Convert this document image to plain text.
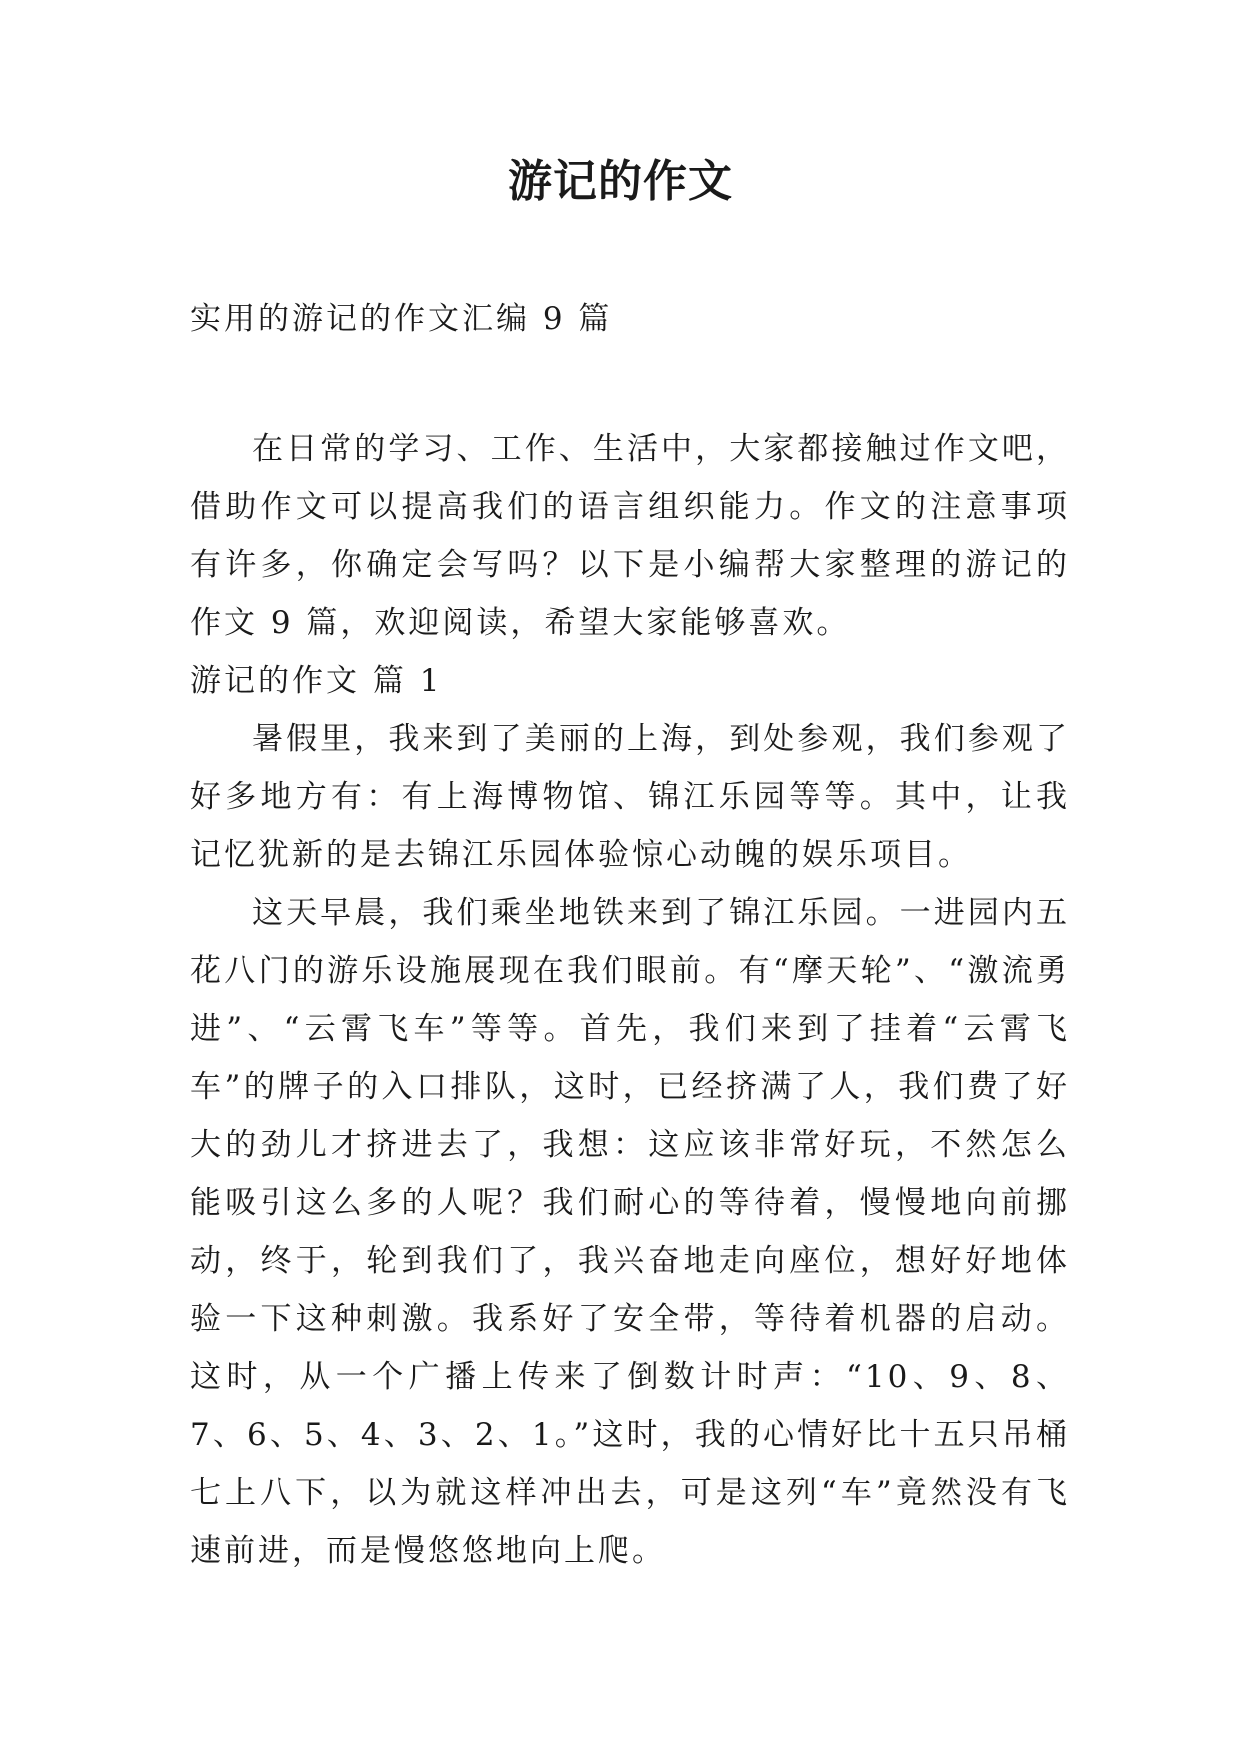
游记的作文

实用的游记的作文汇编 9 篇

在日常的学习、工作、生活中，大家都接触过作文吧，借助作文可以提高我们的语言组织能力。作文的注意事项有许多，你确定会写吗？以下是小编帮大家整理的游记的作文 9 篇，欢迎阅读，希望大家能够喜欢。

游记的作文 篇 1

暑假里，我来到了美丽的上海，到处参观，我们参观了好多地方有：有上海博物馆、锦江乐园等等。其中，让我记忆犹新的是去锦江乐园体验惊心动魄的娱乐项目。

这天早晨，我们乘坐地铁来到了锦江乐园。一进园内五花八门的游乐设施展现在我们眼前。有“摩天轮”、“激流勇进”、“云霄飞车”等等。首先，我们来到了挂着“云霄飞车”的牌子的入口排队，这时，已经挤满了人，我们费了好大的劲儿才挤进去了，我想：这应该非常好玩，不然怎么能吸引这么多的人呢？我们耐心的等待着，慢慢地向前挪动，终于，轮到我们了，我兴奋地走向座位，想好好地体验一下这种刺激。我系好了安全带，等待着机器的启动。这时，从一个广播上传来了倒数计时声：“10、9、8、7、6、5、4、3、2、1。”这时，我的心情好比十五只吊桶七上八下，以为就这样冲出去，可是这列“车”竟然没有飞速前进，而是慢悠悠地向上爬。
